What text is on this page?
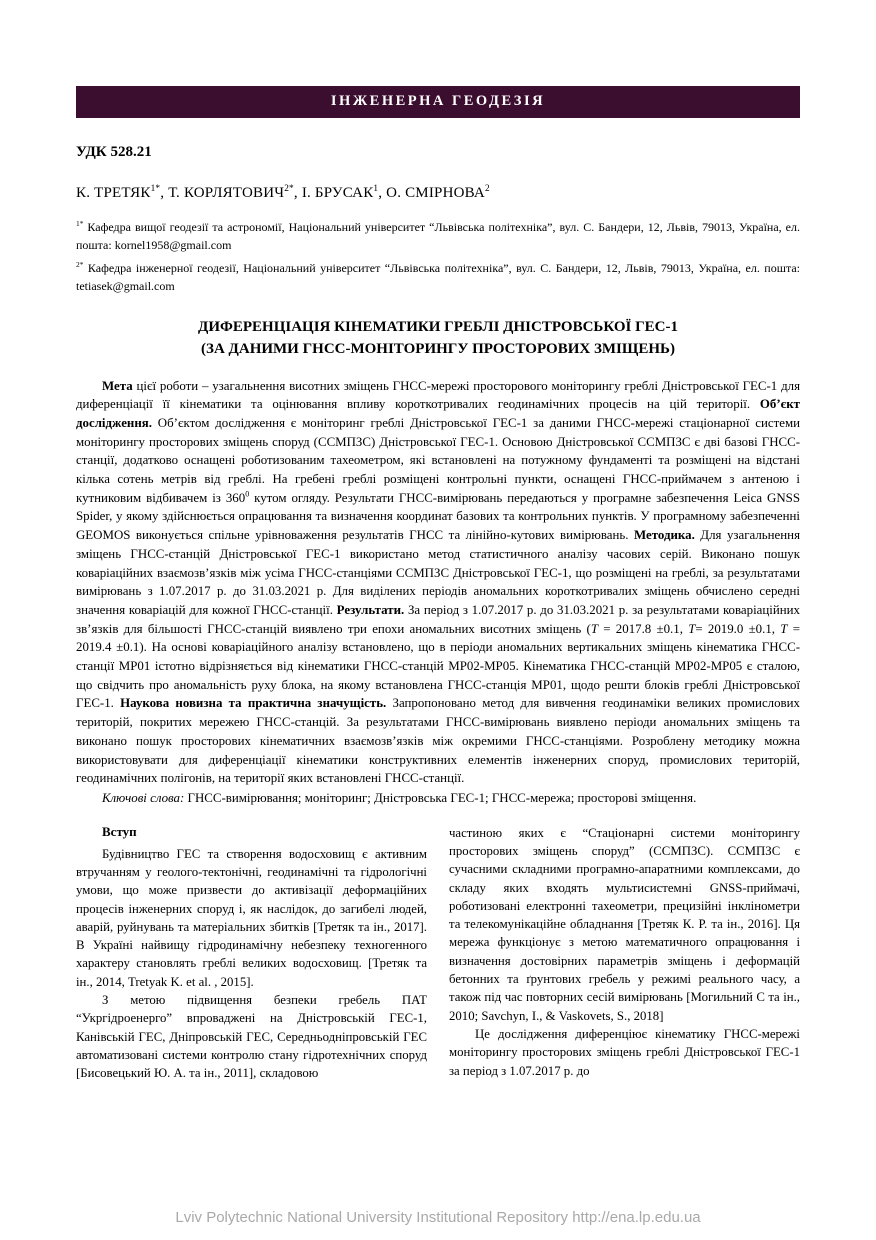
ІНЖЕНЕРНА ГЕОДЕЗІЯ

УДК 528.21

К. $ТРЕТЯК^{1*}$, Т. $КОРЛЯТОВИЧ^{2*}$, І. БРУСАК$^1$, О. СМІРНОВА$^2$

$^{1*}$ Кафедра вищої геодезії та астрономії, Національний університет “Львівська політехніка”, вул. С. Бандери, 12, Львів, 79013, Україна, ел. пошта: kornel1958@gmail.com

$^{2*}$ Кафедра інженерної геодезії, Національний університет “Львівська політехніка”, вул. С. Бандери, 12, Львів, 79013, Україна, ел. пошта: tetiasek@gmail.com

ДИФЕРЕНЦІАЦІЯ КІНЕМАТИКИ ГРЕБЛІ ДНІСТРОВСЬКОЇ ГЕС-1
(ЗА ДАНИМИ ГНСС-МОНІТОРИНГУ ПРОСТОРОВИХ ЗМІЩЕНЬ)

Мета цієї роботи – узагальнення висотних зміщень ГНСС-мережі просторового моніторингу греблі Дністровської ГЕС-1 для диференціації її кінематики та оцінювання впливу короткотривалих геодинамічних процесів на цій території. Об’єкт дослідження. Об’єктом дослідження є моніторинг греблі Дністровської ГЕС-1 за даними ГНСС-мережі стаціонарної системи моніторингу просторових зміщень споруд (ССМПЗС) Дністровської ГЕС-1. Основою Дністровської ССМПЗС є дві базові ГНСС-станції, додатково оснащені роботизованим тахеометром, які встановлені на потужному фундаменті та розміщені на відстані кілька сотень метрів від греблі. На гребені греблі розміщені контрольні пункти, оснащені ГНСС-приймачем з антеною і кутниковим відбивачем із $360^0$ кутом огляду. Результати ГНСС-вимірювань передаються у програмне забезпечення Leica GNSS Spider, у якому здійснюється опрацювання та визначення координат базових та контрольних пунктів. У програмному забезпеченні GEOMOS виконується спільне урівноваження результатів ГНСС та лінійно-кутових вимірювань. Методика. Для узагальнення зміщень ГНСС-станцій Дністровської ГЕС-1 використано метод статистичного аналізу часових серій. Виконано пошук коваріаційних взаємозв’язків між усіма ГНСС-станціями ССМПЗС Дністровської ГЕС-1, що розміщені на греблі, за результатами вимірювань з 1.07.2017 р. до 31.03.2021 р. Для виділених періодів аномальних короткотривалих зміщень обчислено середні значення коваріацій для кожної ГНСС-станції. Результати. За період з 1.07.2017 р. до 31.03.2021 р. за результатами коваріаційних зв’язків для більшості ГНСС-станцій виявлено три епохи аномальних висотних зміщень (Т = 2017.8 ±0.1, Т= 2019.0 ±0.1, Т = 2019.4 ±0.1). На основі коваріаційного аналізу встановлено, що в періоди аномальних вертикальних зміщень кінематика ГНСС-станції МР01 істотно відрізняється від кінематики ГНСС-станцій МР02-МР05. Кінематика ГНСС-станцій МР02-МР05 є сталою, що свідчить про аномальність руху блока, на якому встановлена ГНСС-станція МР01, щодо решти блоків греблі Дністровської ГЕС-1. Наукова новизна та практична значущість. Запропоновано метод для вивчення геодинаміки великих промислових територій, покритих мережею ГНСС-станцій. За результатами ГНСС-вимірювань виявлено періоди аномальних зміщень та виконано пошук просторових кінематичних взаємозв’язків між окремими ГНСС-станціями. Розроблену методику можна використовувати для диференціації кінематики конструктивних елементів інженерних споруд, промислових територій, геодинамічних полігонів, на території яких встановлені ГНСС-станції.

Ключові слова: ГНСС-вимірювання; моніторинг; Дністровська ГЕС-1; ГНСС-мережа; просторові зміщення.

Вступ

Будівництво ГЕС та створення водосховищ є активним втручанням у геолого-тектонічні, геодинамічні та гідрологічні умови, що може призвести до активізації деформаційних процесів інженерних споруд і, як наслідок, до загибелі людей, аварій, руйнувань та матеріальних збитків [Третяк та ін., 2017]. В Україні найвищу гідродинамічну небезпеку техногенного характеру становлять греблі великих водосховищ. [Третяк та ін., 2014, Tretyak K. et al. , 2015].

З метою підвищення безпеки гребель ПАТ “Укргідроенерго” впроваджені на Дністровській ГЕС-1, Канівській ГЕС, Дніпровській ГЕС, Середньодніпровській ГЕС автоматизовані системи контролю стану гідротехнічних споруд [Бисовецький Ю. А. та ін., 2011], складовою

частиною яких є “Стаціонарні системи моніторингу просторових зміщень споруд” (ССМПЗС). ССМПЗС є сучасними складними програмно-апаратними комплексами, до складу яких входять мультисистемні GNSS-приймачі, роботизовані електронні тахеометри, прецизійні інклінометри та телекомунікаційне обладнання [Третяк К. Р. та ін., 2016]. Ця мережа функціонує з метою математичного опрацювання і визначення достовірних параметрів зміщень і деформацій бетонних та ґрунтових гребель у режимі реального часу, а також під час повторних сесій вимірювань [Могильний С та ін., 2010; Savchyn, I., & Vaskovets, S., 2018]

Це дослідження диференціює кінематику ГНСС-мережі моніторингу просторових зміщень греблі Дністровської ГЕС-1 за період з 1.07.2017 р. до

Lviv Polytechnic National University Institutional Repository http://ena.lp.edu.ua
